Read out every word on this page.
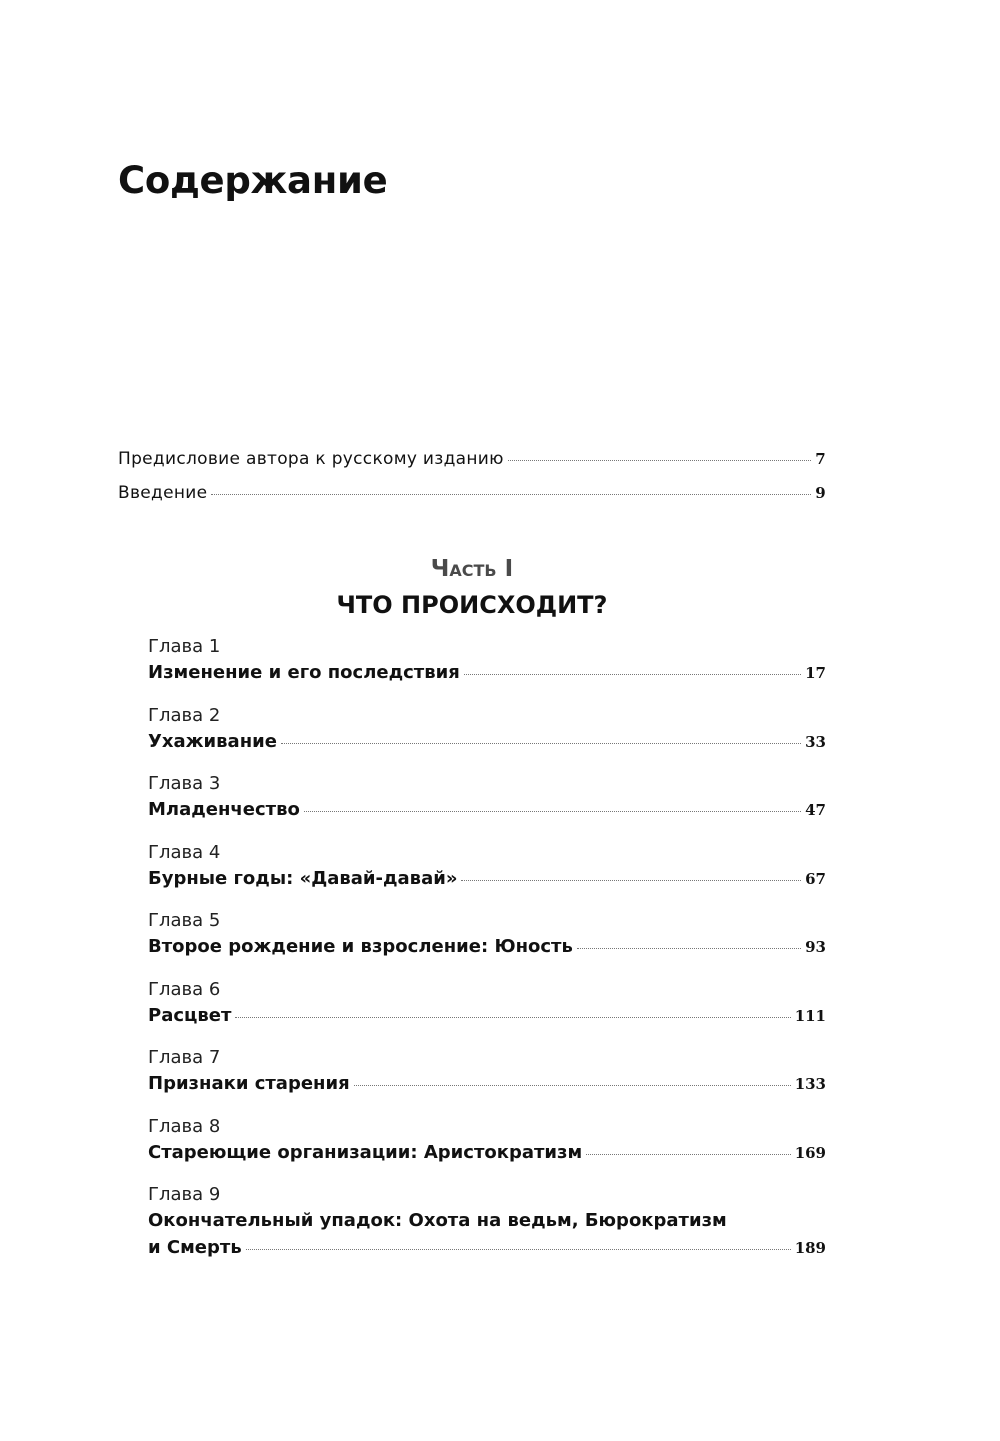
Содержание
Предисловие автора к русскому изданию	7
Введение	9
Часть I
ЧТО ПРОИСХОДИТ?
Глава 1
Изменение и его последствия	17
Глава 2
Ухаживание	33
Глава 3
Младенчество	47
Глава 4
Бурные годы: «Давай-давай»	67
Глава 5
Второе рождение и взросление: Юность	93
Глава 6
Расцвет	111
Глава 7
Признаки старения	133
Глава 8
Стареющие организации: Аристократизм	169
Глава 9
Окончательный упадок: Охота на ведьм, Бюрократизм
и Смерть	189
